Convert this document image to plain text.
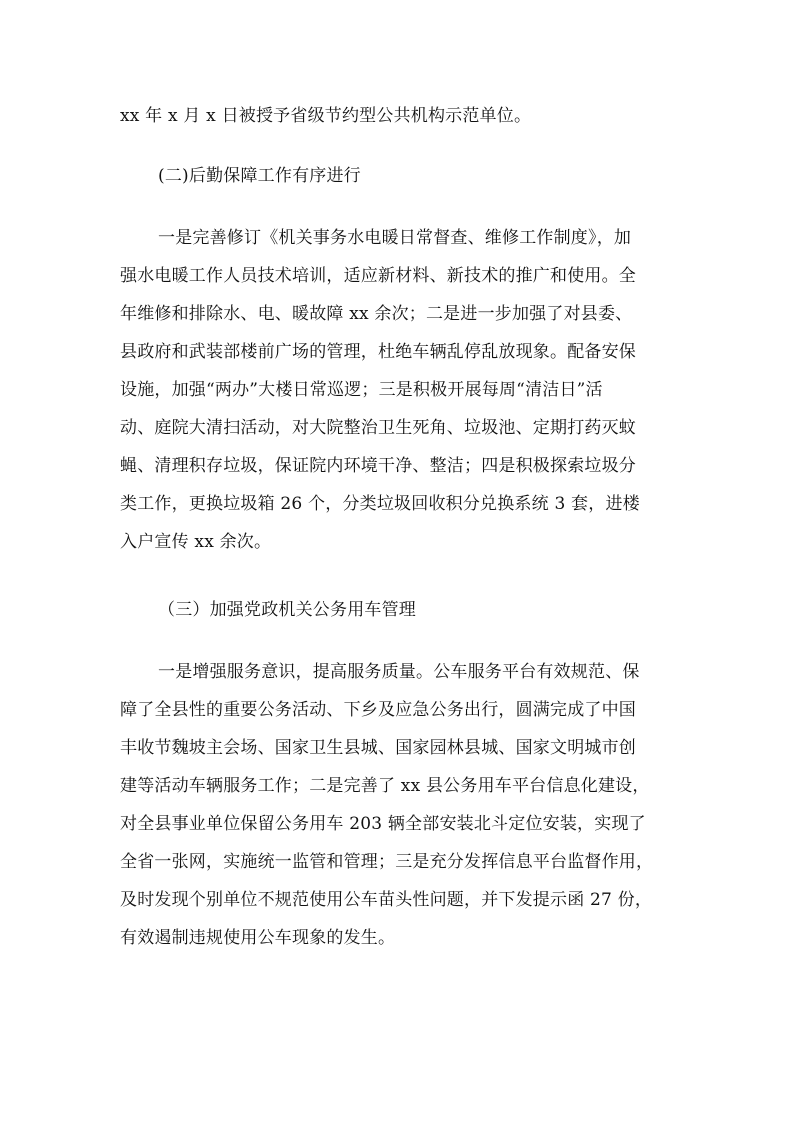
xx 年 x 月 x 日被授予省级节约型公共机构示范单位。
(二)后勤保障工作有序进行
一是完善修订《机关事务水电暖日常督查、维修工作制度》，加
强水电暖工作人员技术培训，适应新材料、新技术的推广和使用。全
年维修和排除水、电、暖故障 xx 余次；二是进一步加强了对县委、
县政府和武装部楼前广场的管理，杜绝车辆乱停乱放现象。配备安保
设施，加强“两办”大楼日常巡逻；三是积极开展每周“清洁日”活
动、庭院大清扫活动，对大院整治卫生死角、垃圾池、定期打药灭蚊
蝇、清理积存垃圾，保证院内环境干净、整洁；四是积极探索垃圾分
类工作，更换垃圾箱 26 个，分类垃圾回收积分兑换系统 3 套，进楼
入户宣传 xx 余次。
（三）加强党政机关公务用车管理
一是增强服务意识，提高服务质量。公车服务平台有效规范、保
障了全县性的重要公务活动、下乡及应急公务出行，圆满完成了中国
丰收节魏坡主会场、国家卫生县城、国家园林县城、国家文明城市创
建等活动车辆服务工作；二是完善了 xx 县公务用车平台信息化建设，
对全县事业单位保留公务用车 203 辆全部安装北斗定位安装，实现了
全省一张网，实施统一监管和管理；三是充分发挥信息平台监督作用，
及时发现个别单位不规范使用公车苗头性问题，并下发提示函 27 份，
有效遏制违规使用公车现象的发生。
